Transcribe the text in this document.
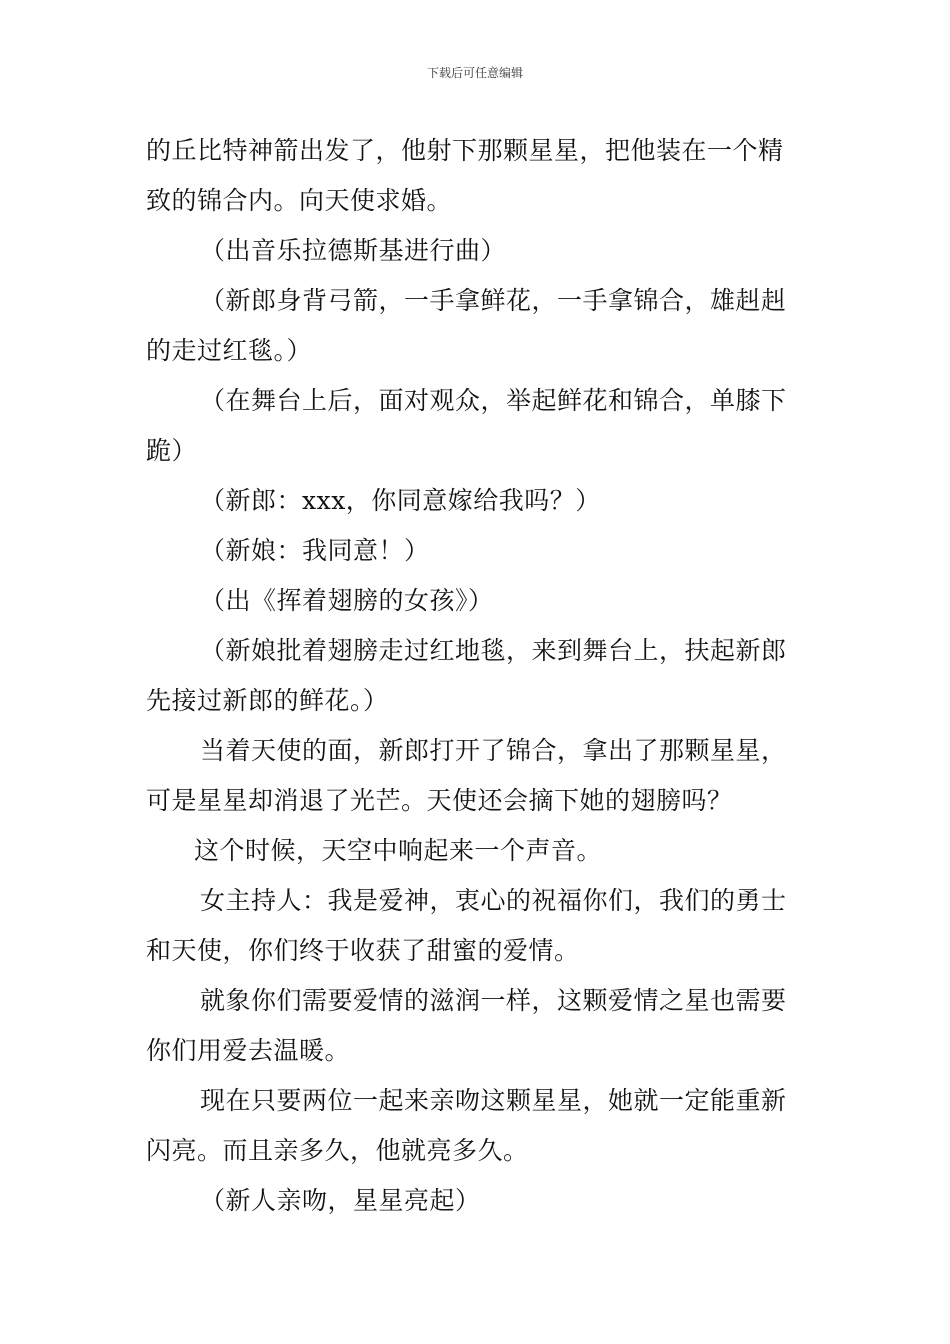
下载后可任意编辑
的丘比特神箭出发了，他射下那颗星星，把他装在一个精
致的锦合内。向天使求婚。
（出音乐拉德斯基进行曲）
（新郎身背弓箭，一手拿鲜花，一手拿锦合，雄赳赳
的走过红毯。）
（在舞台上后，面对观众，举起鲜花和锦合，单膝下
跪）
（新郎：xxx，你同意嫁给我吗？）
（新娘：我同意！）
（出《挥着翅膀的女孩》）
（新娘批着翅膀走过红地毯，来到舞台上，扶起新郎
先接过新郎的鲜花。）
当着天使的面，新郎打开了锦合，拿出了那颗星星，
可是星星却消退了光芒。天使还会摘下她的翅膀吗？
这个时候，天空中响起来一个声音。
女主持人：我是爱神，衷心的祝福你们，我们的勇士
和天使，你们终于收获了甜蜜的爱情。
就象你们需要爱情的滋润一样，这颗爱情之星也需要
你们用爱去温暖。
现在只要两位一起来亲吻这颗星星，她就一定能重新
闪亮。而且亲多久，他就亮多久。
（新人亲吻，星星亮起）
